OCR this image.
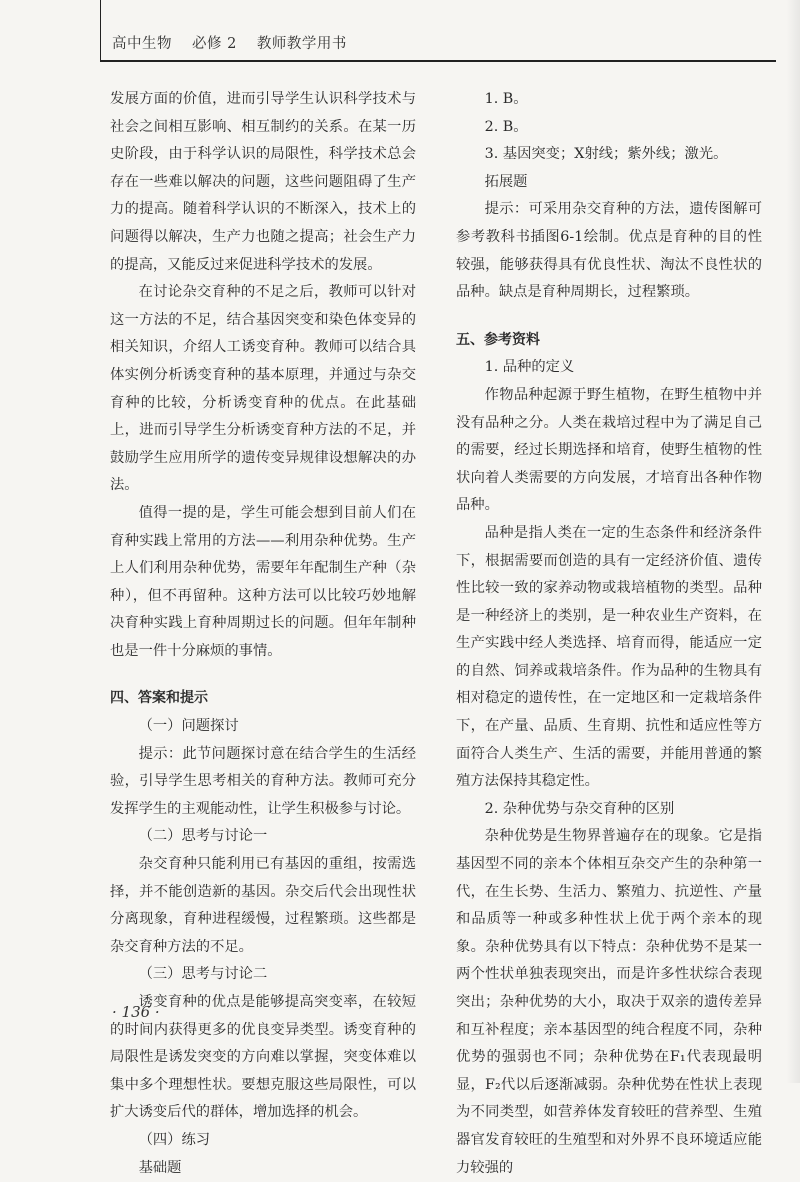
高中生物 必修 2 教师教学用书

发展方面的价值，进而引导学生认识科学技术与社会之间相互影响、相互制约的关系。在某一历史阶段，由于科学认识的局限性，科学技术总会存在一些难以解决的问题，这些问题阻碍了生产力的提高。随着科学认识的不断深入，技术上的问题得以解决，生产力也随之提高；社会生产力的提高，又能反过来促进科学技术的发展。

在讨论杂交育种的不足之后，教师可以针对这一方法的不足，结合基因突变和染色体变异的相关知识，介绍人工诱变育种。教师可以结合具体实例分析诱变育种的基本原理，并通过与杂交育种的比较，分析诱变育种的优点。在此基础上，进而引导学生分析诱变育种方法的不足，并鼓励学生应用所学的遗传变异规律设想解决的办法。

值得一提的是，学生可能会想到目前人们在育种实践上常用的方法——利用杂种优势。生产上人们利用杂种优势，需要年年配制生产种（杂种），但不再留种。这种方法可以比较巧妙地解决育种实践上育种周期过长的问题。但年年制种也是一件十分麻烦的事情。

四、答案和提示

（一）问题探讨

提示：此节问题探讨意在结合学生的生活经验，引导学生思考相关的育种方法。教师可充分发挥学生的主观能动性，让学生积极参与讨论。

（二）思考与讨论一

杂交育种只能利用已有基因的重组，按需选择，并不能创造新的基因。杂交后代会出现性状分离现象，育种进程缓慢，过程繁琐。这些都是杂交育种方法的不足。

（三）思考与讨论二

诱变育种的优点是能够提高突变率，在较短的时间内获得更多的优良变异类型。诱变育种的局限性是诱发突变的方向难以掌握，突变体难以集中多个理想性状。要想克服这些局限性，可以扩大诱变后代的群体，增加选择的机会。

（四）练习

基础题

1. B。

2. B。

3. 基因突变；X射线；紫外线；激光。

拓展题

提示：可采用杂交育种的方法，遗传图解可参考教科书插图6-1绘制。优点是育种的目的性较强，能够获得具有优良性状、淘汰不良性状的品种。缺点是育种周期长，过程繁琐。

五、参考资料

1. 品种的定义

作物品种起源于野生植物，在野生植物中并没有品种之分。人类在栽培过程中为了满足自己的需要，经过长期选择和培育，使野生植物的性状向着人类需要的方向发展，才培育出各种作物品种。

品种是指人类在一定的生态条件和经济条件下，根据需要而创造的具有一定经济价值、遗传性比较一致的家养动物或栽培植物的类型。品种是一种经济上的类别，是一种农业生产资料，在生产实践中经人类选择、培育而得，能适应一定的自然、饲养或栽培条件。作为品种的生物具有相对稳定的遗传性，在一定地区和一定栽培条件下，在产量、品质、生育期、抗性和适应性等方面符合人类生产、生活的需要，并能用普通的繁殖方法保持其稳定性。

2. 杂种优势与杂交育种的区别

杂种优势是生物界普遍存在的现象。它是指基因型不同的亲本个体相互杂交产生的杂种第一代，在生长势、生活力、繁殖力、抗逆性、产量和品质等一种或多种性状上优于两个亲本的现象。杂种优势具有以下特点：杂种优势不是某一两个性状单独表现突出，而是许多性状综合表现突出；杂种优势的大小，取决于双亲的遗传差异和互补程度；亲本基因型的纯合程度不同，杂种优势的强弱也不同；杂种优势在F₁代表现最明显，F₂代以后逐渐减弱。杂种优势在性状上表现为不同类型，如营养体发育较旺的营养型、生殖器官发育较旺的生殖型和对外界不良环境适应能力较强的

· 136 ·
